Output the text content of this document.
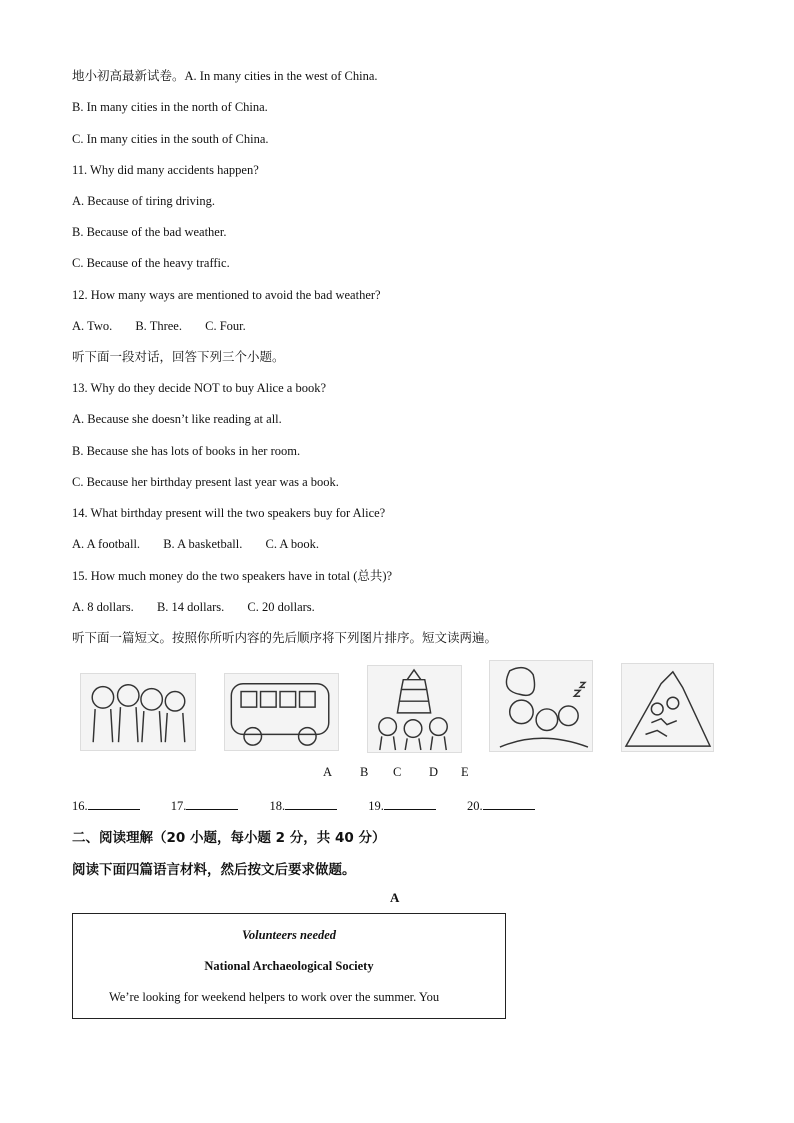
地小初高最新试卷。A. In many cities in the west of China.
B. In many cities in the north of China.
C. In many cities in the south of China.
11. Why did many accidents happen?
A. Because of tiring driving.
B. Because of the bad weather.
C. Because of the heavy traffic.
12. How many ways are mentioned to avoid the bad weather?
A. Two. B. Three. C. Four.
听下面一段对话，回答下列三个小题。
13. Why do they decide NOT to buy Alice a book?
A. Because she doesn’t like reading at all.
B. Because she has lots of books in her room.
C. Because her birthday present last year was a book.
14. What birthday present will the two speakers buy for Alice?
A. A football. B. A basketball. C. A book.
15. How much money do the two speakers have in total (总共)?
A. 8 dollars. B. 14 dollars. C. 20 dollars.
听下面一篇短文。按照你所听内容的先后顺序将下列图片排序。短文读两遍。
A B C D E
16.	17.	18.	19.	20.
二、阅读理解（20 小题，每小题 2 分，共 40 分）
阅读下面四篇语言材料，然后按文后要求做题。
A
Volunteers needed
National Archaeological Society
We’re looking for weekend helpers to work over the summer. You
